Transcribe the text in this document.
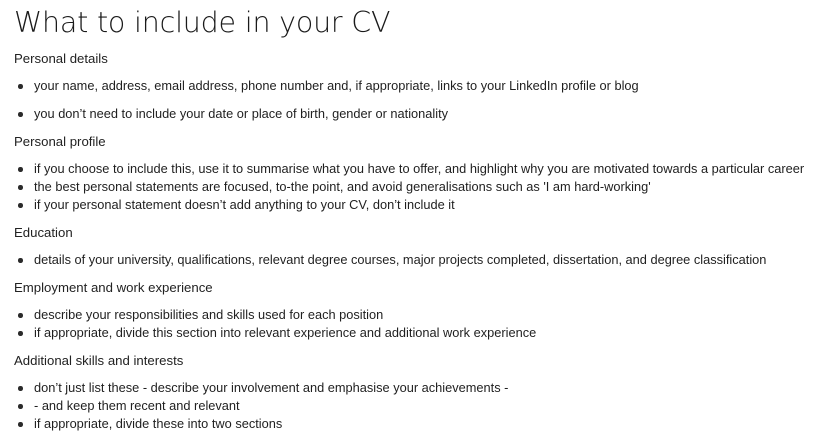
What to include in your CV

Personal details

your name, address, email address, phone number and, if appropriate, links to your LinkedIn profile or blog
you don’t need to include your date or place of birth, gender or nationality

Personal profile

if you choose to include this, use it to summarise what you have to offer, and highlight why you are motivated towards a particular career
the best personal statements are focused, to-the point, and avoid generalisations such as 'I am hard-working'
if your personal statement doesn’t add anything to your CV, don’t include it

Education

details of your university, qualifications, relevant degree courses, major projects completed, dissertation, and degree classification

Employment and work experience

describe your responsibilities and skills used for each position
if appropriate, divide this section into relevant experience and additional work experience

Additional skills and interests

don’t just list these - describe your involvement and emphasise your achievements -
- and keep them recent and relevant
if appropriate, divide these into two sections
